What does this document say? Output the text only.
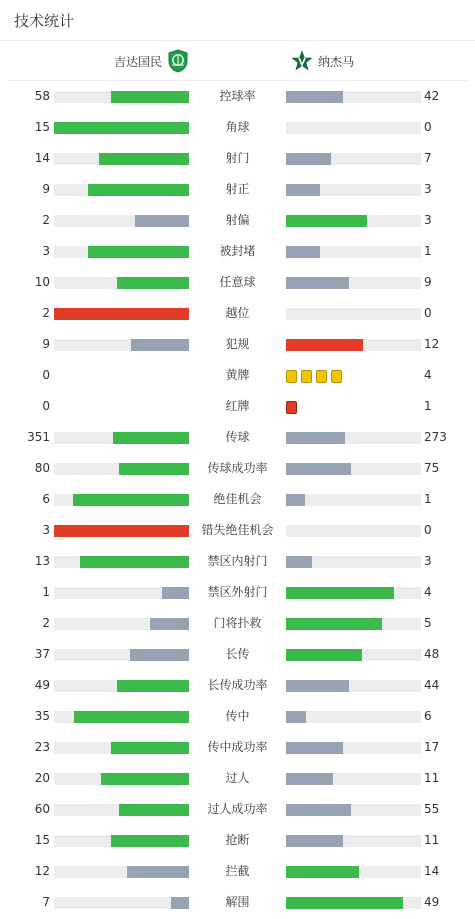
技术统计
吉达国民	纳杰马
58	控球率	42
15	角球	0
14	射门	7
9	射正	3
2	射偏	3
3	被封堵	1
10	任意球	9
2	越位	0
9	犯规	12
0	黄牌	4
0	红牌	1
351	传球	273
80	传球成功率	75
6	绝佳机会	1
3	错失绝佳机会	0
13	禁区内射门	3
1	禁区外射门	4
2	门将扑救	5
37	长传	48
49	长传成功率	44
35	传中	6
23	传中成功率	17
20	过人	11
60	过人成功率	55
15	抢断	11
12	拦截	14
7	解围	49
